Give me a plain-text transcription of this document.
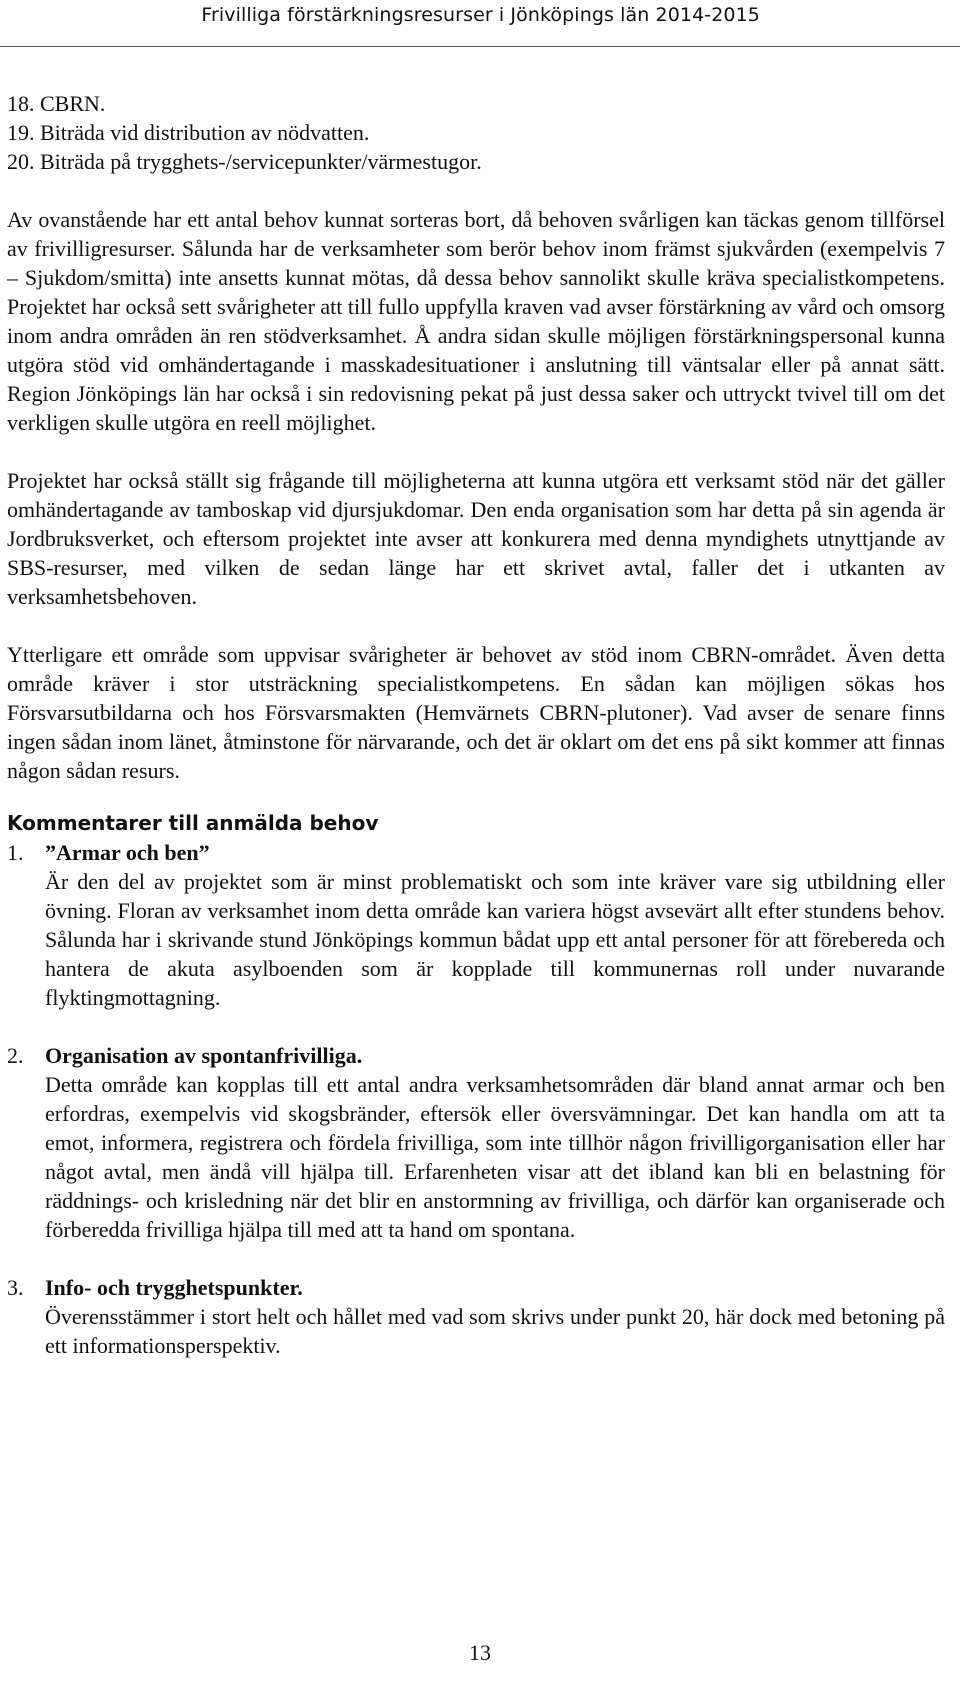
Frivilliga förstärkningsresurser i Jönköpings län 2014-2015
18. CBRN.
19. Biträda vid distribution av nödvatten.
20. Biträda på trygghets-/servicepunkter/värmestugor.

Av ovanstående har ett antal behov kunnat sorteras bort, då behoven svårligen kan täckas genom tillförsel av frivilligresurser. Sålunda har de verksamheter som berör behov inom främst sjukvården (exempelvis 7 – Sjukdom/smitta) inte ansetts kunnat mötas, då dessa behov sannolikt skulle kräva specialistkompetens. Projektet har också sett svårigheter att till fullo uppfylla kraven vad avser förstärkning av vård och omsorg inom andra områden än ren stödverksamhet. Å andra sidan skulle möjligen förstärkningspersonal kunna utgöra stöd vid omhändertagande i masskadesituationer i anslutning till väntsalar eller på annat sätt. Region Jönköpings län har också i sin redovisning pekat på just dessa saker och uttryckt tvivel till om det verkligen skulle utgöra en reell möjlighet.

Projektet har också ställt sig frågande till möjligheterna att kunna utgöra ett verksamt stöd när det gäller omhändertagande av tamboskap vid djursjukdomar. Den enda organisation som har detta på sin agenda är Jordbruksverket, och eftersom projektet inte avser att konkurera med denna myndighets utnyttjande av SBS-resurser, med vilken de sedan länge har ett skrivet avtal, faller det i utkanten av verksamhetsbehoven.

Ytterligare ett område som uppvisar svårigheter är behovet av stöd inom CBRN-området. Även detta område kräver i stor utsträckning specialistkompetens. En sådan kan möjligen sökas hos Försvarsutbildarna och hos Försvarsmakten (Hemvärnets CBRN-plutoner). Vad avser de senare finns ingen sådan inom länet, åtminstone för närvarande, och det är oklart om det ens på sikt kommer att finnas någon sådan resurs.

Kommentarer till anmälda behov
1. ”Armar och ben”
Är den del av projektet som är minst problematiskt och som inte kräver vare sig utbildning eller övning. Floran av verksamhet inom detta område kan variera högst avsevärt allt efter stundens behov. Sålunda har i skrivande stund Jönköpings kommun bådat upp ett antal personer för att förebereda och hantera de akuta asylboenden som är kopplade till kommunernas roll under nuvarande flyktingmottagning.
2. Organisation av spontanfrivilliga.
Detta område kan kopplas till ett antal andra verksamhetsområden där bland annat armar och ben erfordras, exempelvis vid skogsbränder, eftersök eller översvämningar. Det kan handla om att ta emot, informera, registrera och fördela frivilliga, som inte tillhör någon frivilligorganisation eller har något avtal, men ändå vill hjälpa till. Erfarenheten visar att det ibland kan bli en belastning för räddnings- och krisledning när det blir en anstormning av frivilliga, och därför kan organiserade och förberedda frivilliga hjälpa till med att ta hand om spontana.
3. Info- och trygghetspunkter.
Överensstämmer i stort helt och hållet med vad som skrivs under punkt 20, här dock med betoning på ett informationsperspektiv.
13
